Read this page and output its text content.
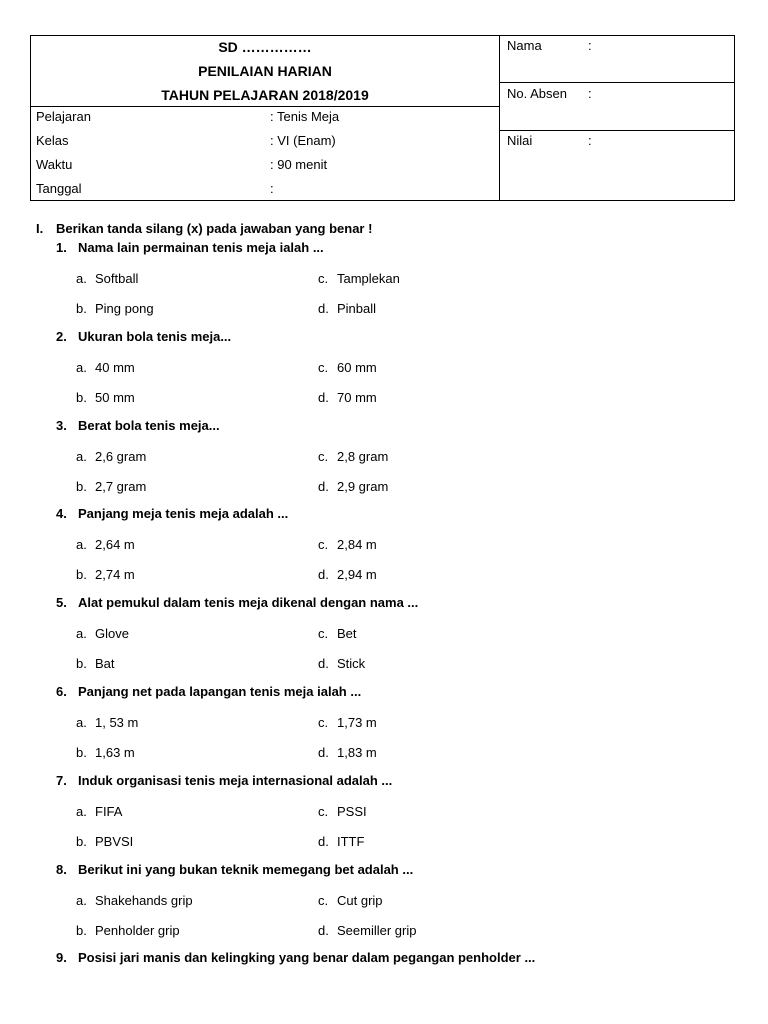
SD ……………
PENILAIAN HARIAN
TAHUN PELAJARAN 2018/2019
Pelajaran	: Tenis Meja
Kelas	: VI (Enam)
Waktu	: 90 menit
Tanggal	:
Nama	:
No. Absen :
Nilai	:
I. Berikan tanda silang (x) pada jawaban yang benar !
1. Nama lain permainan tenis meja ialah ...
a. Softball	c. Tamplekan
b. Ping pong	d. Pinball
2. Ukuran bola tenis meja...
a. 40 mm	c. 60 mm
b. 50 mm	d. 70 mm
3. Berat bola tenis meja...
a. 2,6 gram	c. 2,8 gram
b. 2,7 gram	d. 2,9 gram
4. Panjang meja tenis meja adalah ...
a. 2,64 m	c. 2,84 m
b. 2,74 m	d. 2,94 m
5. Alat pemukul dalam tenis meja dikenal dengan nama ...
a. Glove	c. Bet
b. Bat	d. Stick
6. Panjang net pada lapangan tenis meja ialah ...
a. 1, 53 m	c. 1,73 m
b. 1,63 m	d. 1,83 m
7. Induk organisasi tenis meja internasional adalah ...
a. FIFA	c. PSSI
b. PBVSI	d. ITTF
8. Berikut ini yang bukan teknik memegang bet adalah ...
a. Shakehands grip	c. Cut grip
b. Penholder grip	d. Seemiller grip
9. Posisi jari manis dan kelingking yang benar dalam pegangan penholder ...
